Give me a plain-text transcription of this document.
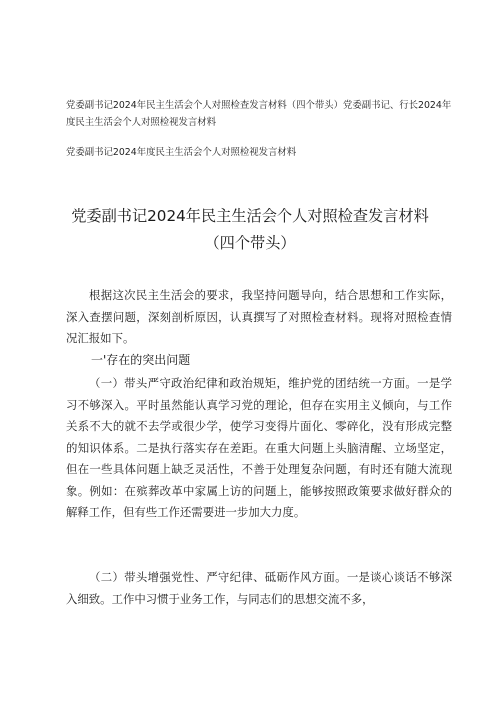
党委副书记2024年民主生活会个人对照检查发言材料（四个带头）党委副书记、行长2024年
度民主生活会个人对照检视发言材料
党委副书记2024年度民主生活会个人对照检视发言材料
党委副书记2024年民主生活会个人对照检查发言材料
（四个带头）
根据这次民主生活会的要求，我坚持问题导向，结合思想和工作实际，深入查摆问题，深刻剖析原因，认真撰写了对照检查材料。现将对照检查情况汇报如下。
一'存在的突出问题
（一）带头严守政治纪律和政治规矩，维护党的团结统一方面。一是学习不够深入。平时虽然能认真学习党的理论，但存在实用主义倾向，与工作关系不大的就不去学或很少学，使学习变得片面化、零碎化，没有形成完整的知识体系。二是执行落实存在差距。在重大问题上头脑清醒、立场坚定，但在一些具体问题上缺乏灵活性，不善于处理复杂问题，有时还有随大流现象。例如：在殡葬改革中家属上访的问题上，能够按照政策要求做好群众的解释工作，但有些工作还需要进一步加大力度。
（二）带头增强党性、严守纪律、砥砺作风方面。一是谈心谈话不够深入细致。工作中习惯于业务工作，与同志们的思想交流不多，
